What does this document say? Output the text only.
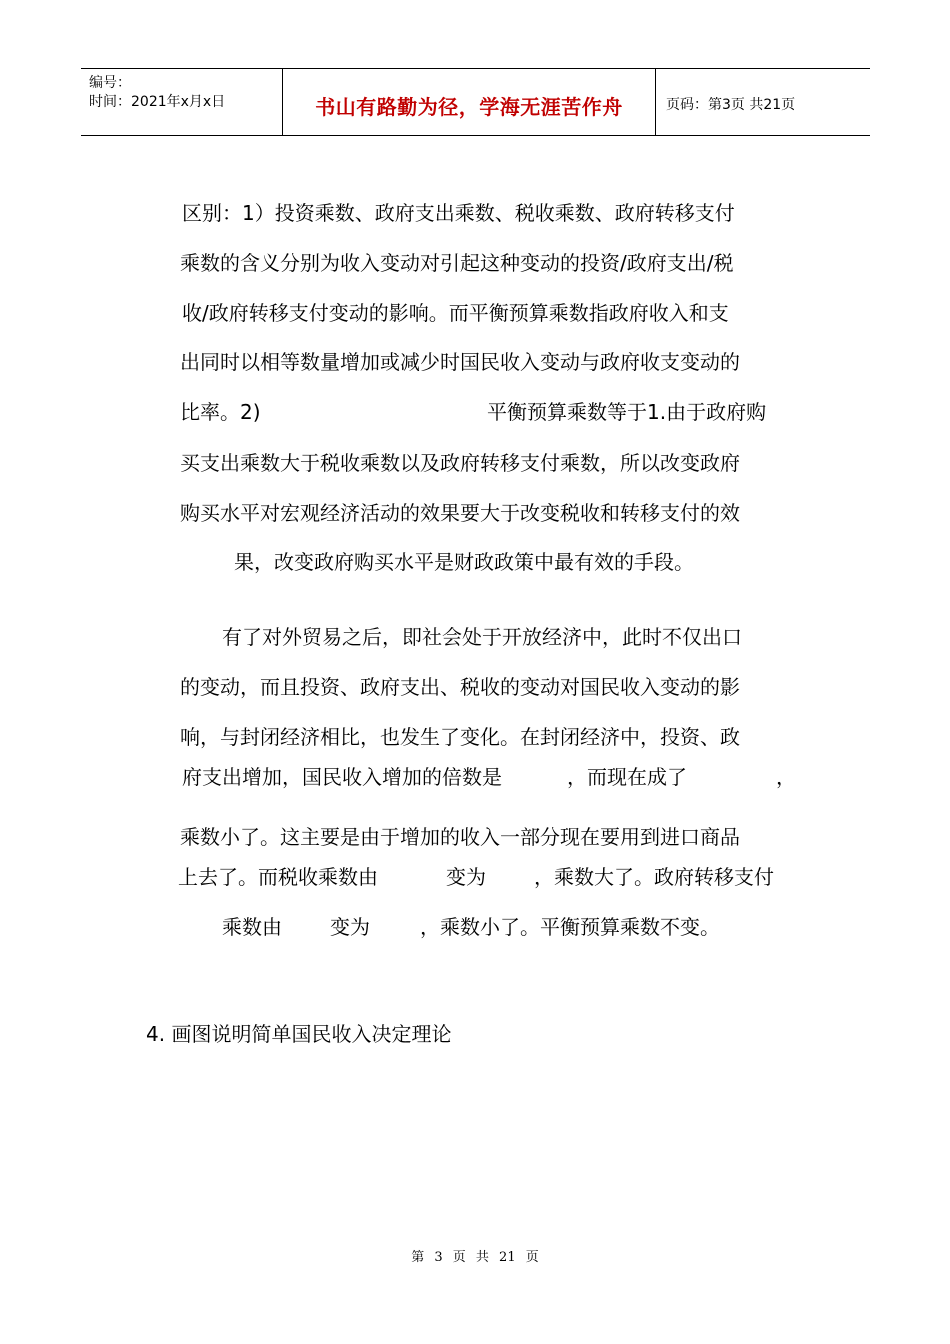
编号：
时间：2021年x月x日	书山有路勤为径，学海无涯苦作舟	页码：第3页 共21页
区别：1）投资乘数、政府支出乘数、税收乘数、政府转移支付
乘数的含义分别为收入变动对引起这种变动的投资/政府支出/税
收/政府转移支付变动的影响。而平衡预算乘数指政府收入和支
出同时以相等数量增加或减少时国民收入变动与政府收支变动的
比率。2)	平衡预算乘数等于1.由于政府购
买支出乘数大于税收乘数以及政府转移支付乘数，所以改变政府
购买水平对宏观经济活动的效果要大于改变税收和转移支付的效
果，改变政府购买水平是财政政策中最有效的手段。
有了对外贸易之后，即社会处于开放经济中，此时不仅出口
的变动，而且投资、政府支出、税收的变动对国民收入变动的影
响，与封闭经济相比，也发生了变化。在封闭经济中，投资、政
府支出增加，国民收入增加的倍数是	，而现在成了	，
乘数小了。这主要是由于增加的收入一部分现在要用到进口商品
上去了。而税收乘数由	变为 ，乘数大了。政府转移支付
乘数由 变为	，乘数小了。平衡预算乘数不变。
4. 画图说明简单国民收入决定理论
第 3 页 共 21 页
